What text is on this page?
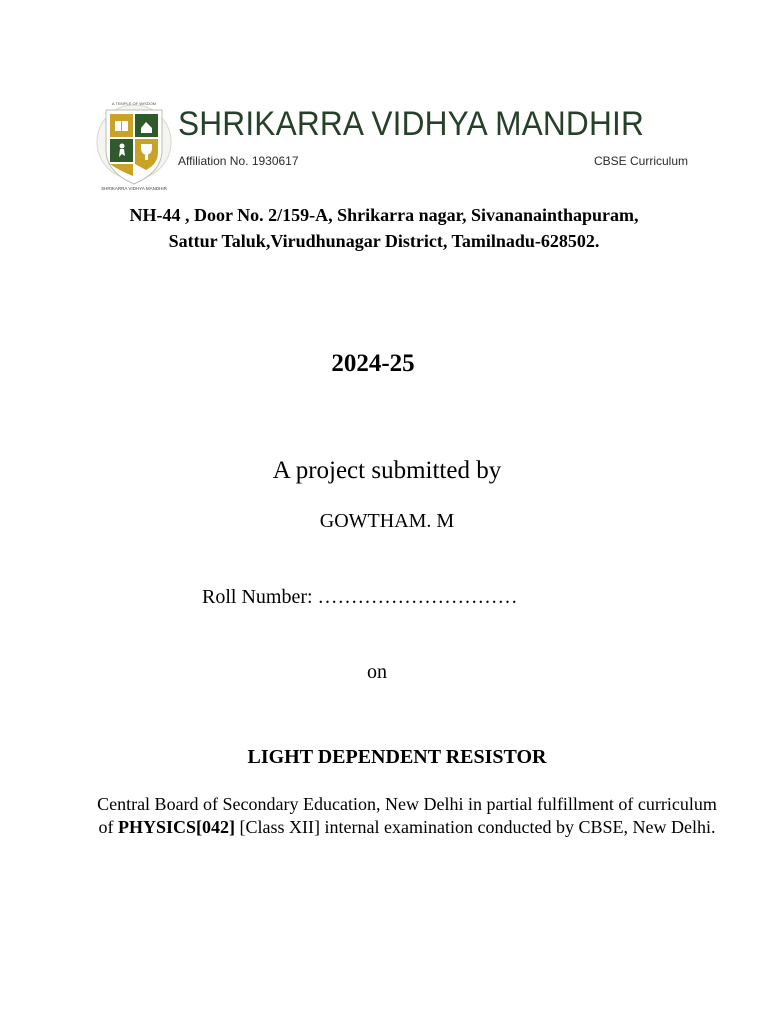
A TEMPLE OF WISDOM
SHRIKARRA VIDHYA MANDHIR
SHRIKARRA VIDHYA MANDHIR
Affiliation No. 1930617	CBSE Curriculum
NH-44 , Door No. 2/159-A, Shrikarra nagar, Sivananainthapuram,
Sattur Taluk,Virudhunagar District, Tamilnadu-628502.
2024-25
A project submitted by
GOWTHAM. M
Roll Number: …………………………
on
LIGHT DEPENDENT RESISTOR
Central Board of Secondary Education, New Delhi in partial fulfillment of curriculum of PHYSICS[042] [Class XII] internal examination conducted by CBSE, New Delhi.
